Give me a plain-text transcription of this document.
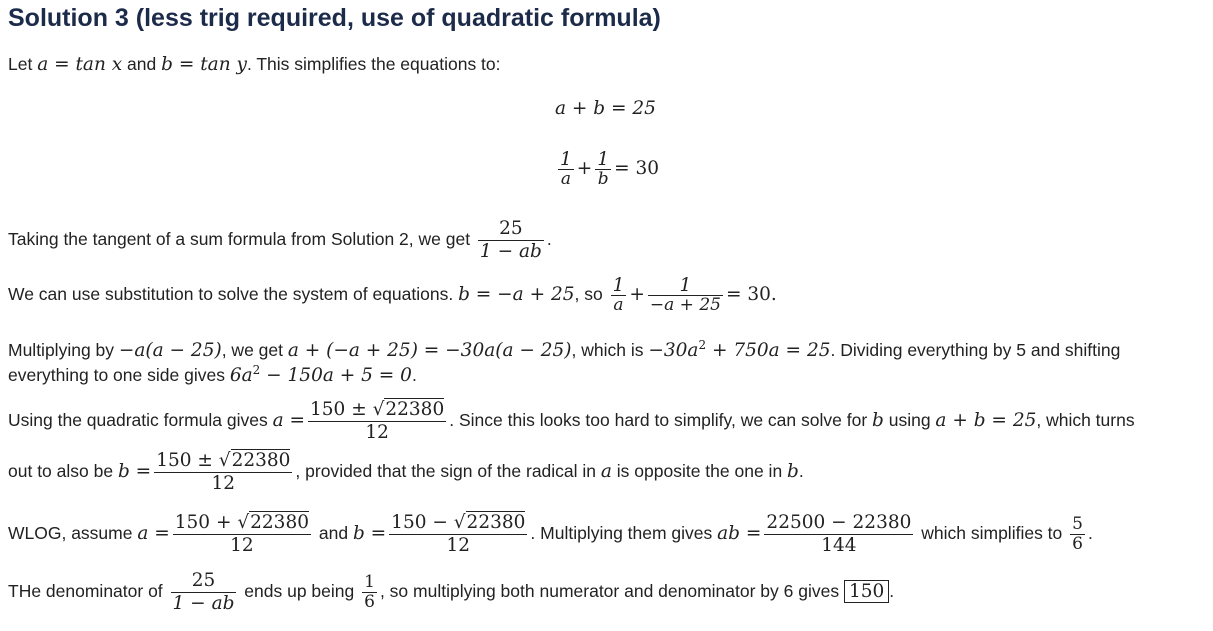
Solution 3 (less trig required, use of quadratic formula)
Let a = tan x and b = tan y. This simplifies the equations to:
a + b = 25
$\frac{1}{a} + \frac{1}{b} = 30$
Taking the tangent of a sum formula from Solution 2, we get $\frac{25}{1 - ab}$ .
We can use substitution to solve the system of equations. b = −a + 25, so $\frac{1}{a} + \frac{1}{-a + 25} = 30$.
Multiplying by −a(a − 25), we get a + (−a + 25) = −30a(a − 25), which is $-30a^2 + 750a = 25$. Dividing everything by 5 and shifting
everything to one side gives $6a^2 - 150a + 5 = 0$.
Using the quadratic formula gives $a = \frac{150 \pm √22380}{12}$ . Since this looks too hard to simplify, we can solve for b using a + b = 25, which turns
out to also be $b = \frac{150 \pm √22380}{12}$ , provided that the sign of the radical in a is opposite the one in b.
WLOG, assume $a = \frac{150 + √22380}{12}$ and $b = \frac{150 - √22380}{12}$ . Multiplying them gives ab = $\frac{22500 - 22380}{144}$ which simplifies to $\frac{5}{6}$ .
THe denominator of $\frac{25}{1 - ab}$ ends up being $\frac{1}{6}$ , so multiplying both numerator and denominator by 6 gives 150 .
